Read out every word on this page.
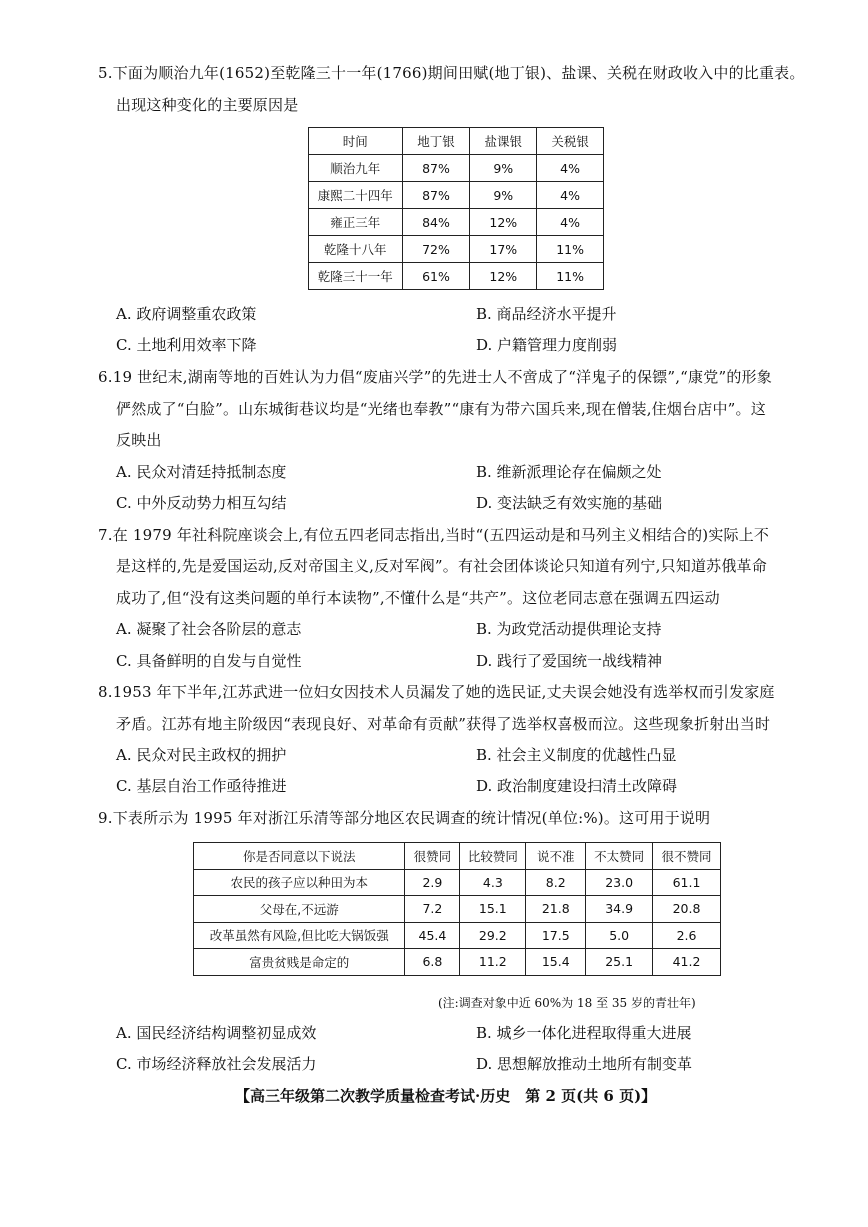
5.下面为顺治九年(1652)至乾隆三十一年(1766)期间田赋(地丁银)、盐课、关税在财政收入中的比重表。
出现这种变化的主要原因是
时间	地丁银	盐课银	关税银
顺治九年	87%	9%	4%
康熙二十四年	87%	9%	4%
雍正三年	84%	12%	4%
乾隆十八年	72%	17%	11%
乾隆三十一年	61%	12%	11%
A. 政府调整重农政策	B. 商品经济水平提升
C. 土地利用效率下降	D. 户籍管理力度削弱
6.19 世纪末,湖南等地的百姓认为力倡“废庙兴学”的先进士人不啻成了“洋鬼子的保镖”,“康党”的形象
俨然成了“白脸”。山东城街巷议均是“光绪也奉教”“康有为带六国兵来,现在僧装,住烟台店中”。这
反映出
A. 民众对清廷持抵制态度	B. 维新派理论存在偏颇之处
C. 中外反动势力相互勾结	D. 变法缺乏有效实施的基础
7.在 1979 年社科院座谈会上,有位五四老同志指出,当时“(五四运动是和马列主义相结合的)实际上不
是这样的,先是爱国运动,反对帝国主义,反对军阀”。有社会团体谈论只知道有列宁,只知道苏俄革命
成功了,但“没有这类问题的单行本读物”,不懂什么是“共产”。这位老同志意在强调五四运动
A. 凝聚了社会各阶层的意志	B. 为政党活动提供理论支持
C. 具备鲜明的自发与自觉性	D. 践行了爱国统一战线精神
8.1953 年下半年,江苏武进一位妇女因技术人员漏发了她的选民证,丈夫误会她没有选举权而引发家庭
矛盾。江苏有地主阶级因“表现良好、对革命有贡献”获得了选举权喜极而泣。这些现象折射出当时
A. 民众对民主政权的拥护	B. 社会主义制度的优越性凸显
C. 基层自治工作亟待推进	D. 政治制度建设扫清土改障碍
9.下表所示为 1995 年对浙江乐清等部分地区农民调查的统计情况(单位:%)。这可用于说明
你是否同意以下说法	很赞同	比较赞同	说不准	不太赞同	很不赞同
农民的孩子应以种田为本	2.9	4.3	8.2	23.0	61.1
父母在,不远游	7.2	15.1	21.8	34.9	20.8
改革虽然有风险,但比吃大锅饭强	45.4	29.2	17.5	5.0	2.6
富贵贫贱是命定的	6.8	11.2	15.4	25.1	41.2
(注:调查对象中近 60%为 18 至 35 岁的青壮年)
A. 国民经济结构调整初显成效	B. 城乡一体化进程取得重大进展
C. 市场经济释放社会发展活力	D. 思想解放推动土地所有制变革
【高三年级第二次教学质量检查考试·历史　第 2 页(共 6 页)】
